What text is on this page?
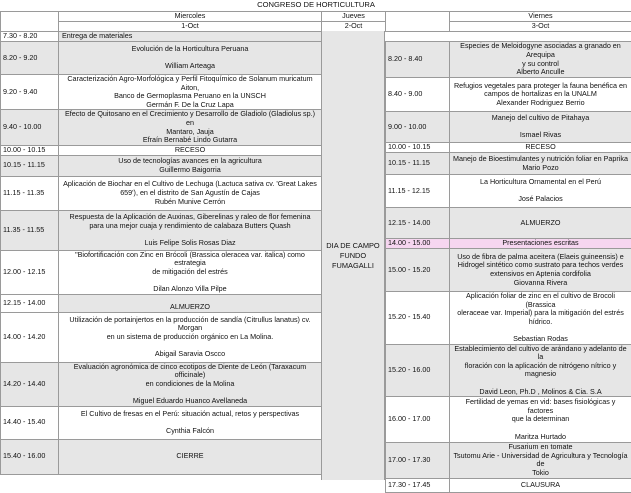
CONGRESO DE HORTICULTURA				
	Miercoles	Jueves		Viernes
	1-Oct	2-Oct		3-Oct
7.30 - 8.20	Entrega de materiales
8.20 - 9.20	Evolución de la Horticultura Peruana

William Arteaga

9.20 - 9.40	Caracterización Agro-Morfológica y Perfil Fitoquímico de Solanum muricatum Aiton,
Banco de Germoplasma Peruano en la UNSCH
Germán F. De la Cruz Lapa

9.40 - 10.00	Efecto de Quitosano en el Crecimiento y Desarrollo de Gladiolo (Gladiolus sp.) en
Mantaro, Jauja
Efraín Bernabé Lindo Gutarra

10.00 - 10.15	RECESO
10.15 - 11.15	Uso de tecnologías avances en la agricultura
Guillermo Baigorria

11.15 - 11.35	Aplicación de Biochar en el Cultivo de Lechuga (Lactuca sativa cv. 'Great Lakes
659'), en el distrito de San Agustín de Cajas
Rubén Munive Cerrón

11.35 - 11.55	Respuesta de la Aplicación de Auxinas, Giberelinas y raleo de flor femenina
para una mejor cuaja y rendimiento de calabaza Butters Quash

Luis Felipe Solis Rosas Diaz

12.00 - 12.15	"Biofortificación con Zinc en Brócoli (Brassica oleracea var. italica) como estrategia
de mitigación del estrés

Dilan Alonzo Villa Pilpe

12.15 - 14.00	ALMUERZO
14.00 - 14.20	Utilización de portainjertos en la producción de sandía (Citrullus lanatus) cv. Morgan
en un sistema de producción orgánico en La Molina.

Abigail Saravia Oscco

14.20 - 14.40	Evaluación agronómica de cinco ecotipos de Diente de León (Taraxacum officinale)
en condiciones de la Molina

Miguel Eduardo Huanco Avellaneda

14.40 - 15.40	El Cultivo de fresas en el Perú: situación actual, retos y perspectivas

Cynthia Falcón

15.40 - 16.00	CIERRE
DIA DE CAMPO
FUNDO
FUMAGALLI
8.20 - 8.40	Especies de Meloidogyne asociadas a granado en Arequipa
y su control
Alberto Anculle

8.40 - 9.00	Refugios vegetales para proteger la fauna benéfica en
campos de hortalizas en la UNALM
Alexander Rodriguez Berrio

9.00 - 10.00	Manejo del cultivo de Pitahaya

Ismael Rivas

10.00 - 10.15	RECESO
10.15 - 11.15	Manejo de Bioestimulantes y nutrición foliar en Paprika
Mario Pozo

11.15 - 12.15	La Horticultura Ornamental en el Perú

José Palacios

12.15 - 14.00	ALMUERZO
14.00 - 15.00	Presentaciones escritas
15.00 - 15.20	Uso de fibra de palma aceitera (Elaeis guineensis) e
Hidrogel sintético como sustrato para techos verdes
extensivos en Aptenia cordifolia
Giovanna Rivera

15.20 - 15.40	Aplicación foliar de zinc en el cultivo de Brocoli (Brassica
oleraceae var. Imperial) para la mitigación del estrés hídrico.

Sebastian Rodas

15.20 - 16.00	Establecimiento del cultivo de arándano y adelanto de la
floración con la aplicación de nitrógeno nítrico y magnesio

David Leon, Ph.D , Molinos & Cia. S.A

16.00 - 17.00	Fertilidad de yemas en vid: bases fisiológicas y factores
que la determinan

Maritza Hurtado

17.00 - 17.30	Fusarium en tomate
Tsutomu Arie - Universidad de Agricultura y Tecnología de
Tokio

17.30 - 17.45	CLAUSURA
